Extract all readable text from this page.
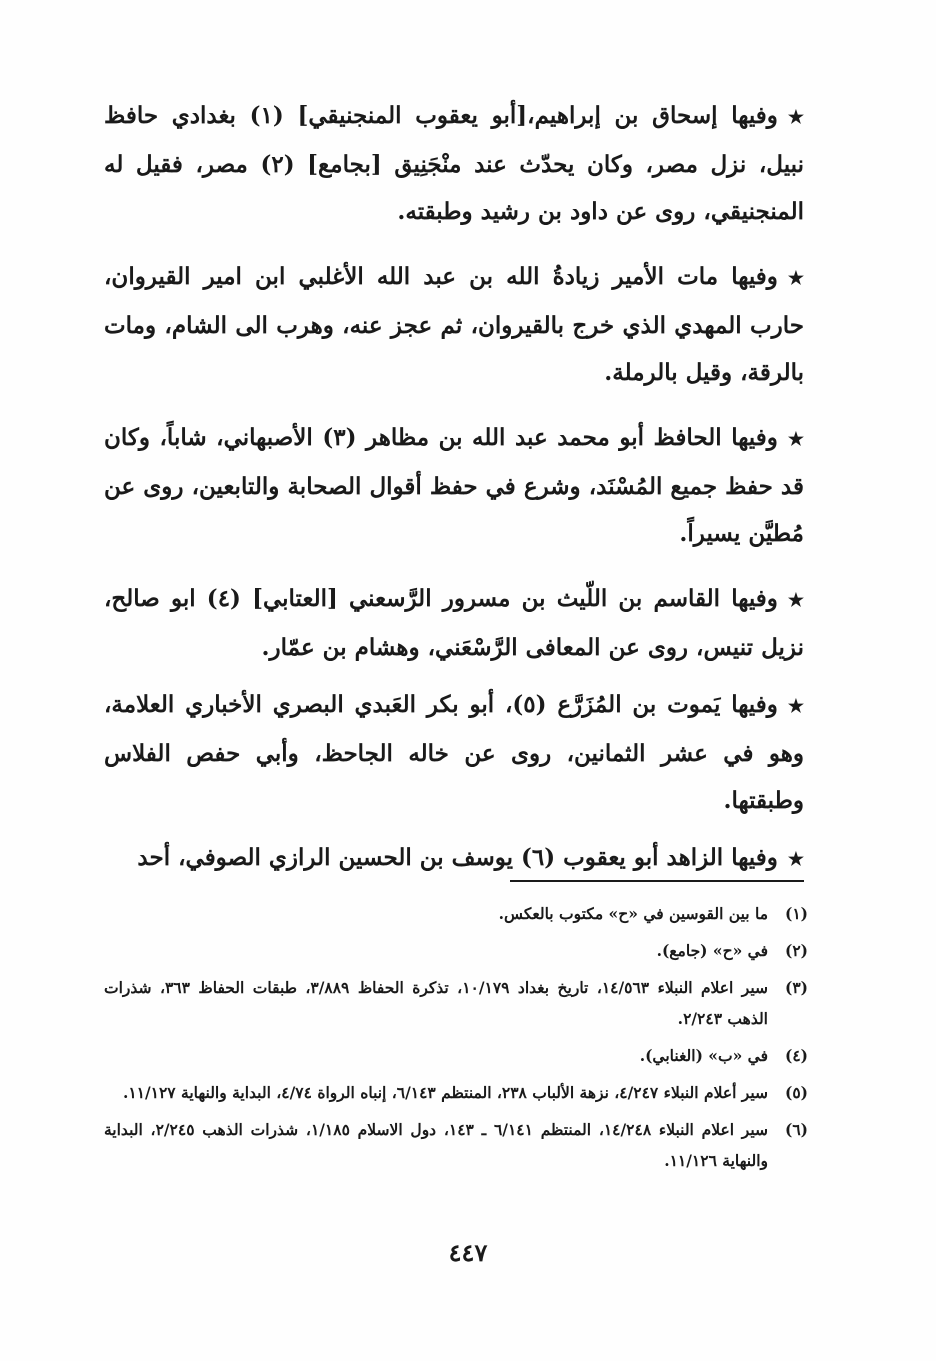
★وفيها إسحاق بن إبراهيم،[أبو يعقوب المنجنيقي] (١) بغدادي حافظ نبيل، نزل مصر، وكان يحدّث عند منْجَنِيق [بجامع] (٢) مصر، فقيل له المنجنيقي، روى عن داود بن رشيد وطبقته.

★وفيها مات الأمير زيادةُ الله بن عبد الله الأغلبي ابن امير القيروان، حارب المهدي الذي خرج بالقيروان، ثم عجز عنه، وهرب الى الشام، ومات بالرقة، وقيل بالرملة.

★وفيها الحافظ أبو محمد عبد الله بن مظاهر (٣) الأصبهاني، شاباً، وكان قد حفظ جميع المُسْنَد، وشرع في حفظ أقوال الصحابة والتابعين، روى عن مُطيَّن يسيراً.

★وفيها القاسم بن اللّيث بن مسرور الرَّسعني [العتابي] (٤) ابو صالح، نزيل تنيس، روى عن المعافى الرَّسْعَني، وهشام بن عمّار.

★وفيها يَموت بن المُزَرَّع (٥)، أبو بكر العَبدي البصري الأخباري العلامة، وهو في عشر الثمانين، روى عن خاله الجاحظ، وأبي حفص الفلاس وطبقتها.

★وفيها الزاهد أبو يعقوب (٦) يوسف بن الحسين الرازي الصوفي، أحد

(١)
ما بين القوسين في «ح» مكتوب بالعكس.

(٢)
في «ح» (جامع).

(٣)
سير اعلام النبلاء ١٤/٥٦٣، تاريخ بغداد ١٠/١٧٩، تذكرة الحفاظ ٣/٨٨٩، طبقات الحفاظ ٣٦٣، شذرات الذهب ٢/٢٤٣.

(٤)
في «ب» (الغنابي).

(٥)
سير أعلام النبلاء ٤/٢٤٧، نزهة الألباب ٢٣٨، المنتظم ٦/١٤٣، إنباه الرواة ٤/٧٤، البداية والنهاية ١١/١٢٧.

(٦)
سير اعلام النبلاء ١٤/٢٤٨، المنتظم ٦/١٤١ ـ ١٤٣، دول الاسلام ١/١٨٥، شذرات الذهب ٢/٢٤٥، البداية والنهاية ١١/١٢٦.

٤٤٧
